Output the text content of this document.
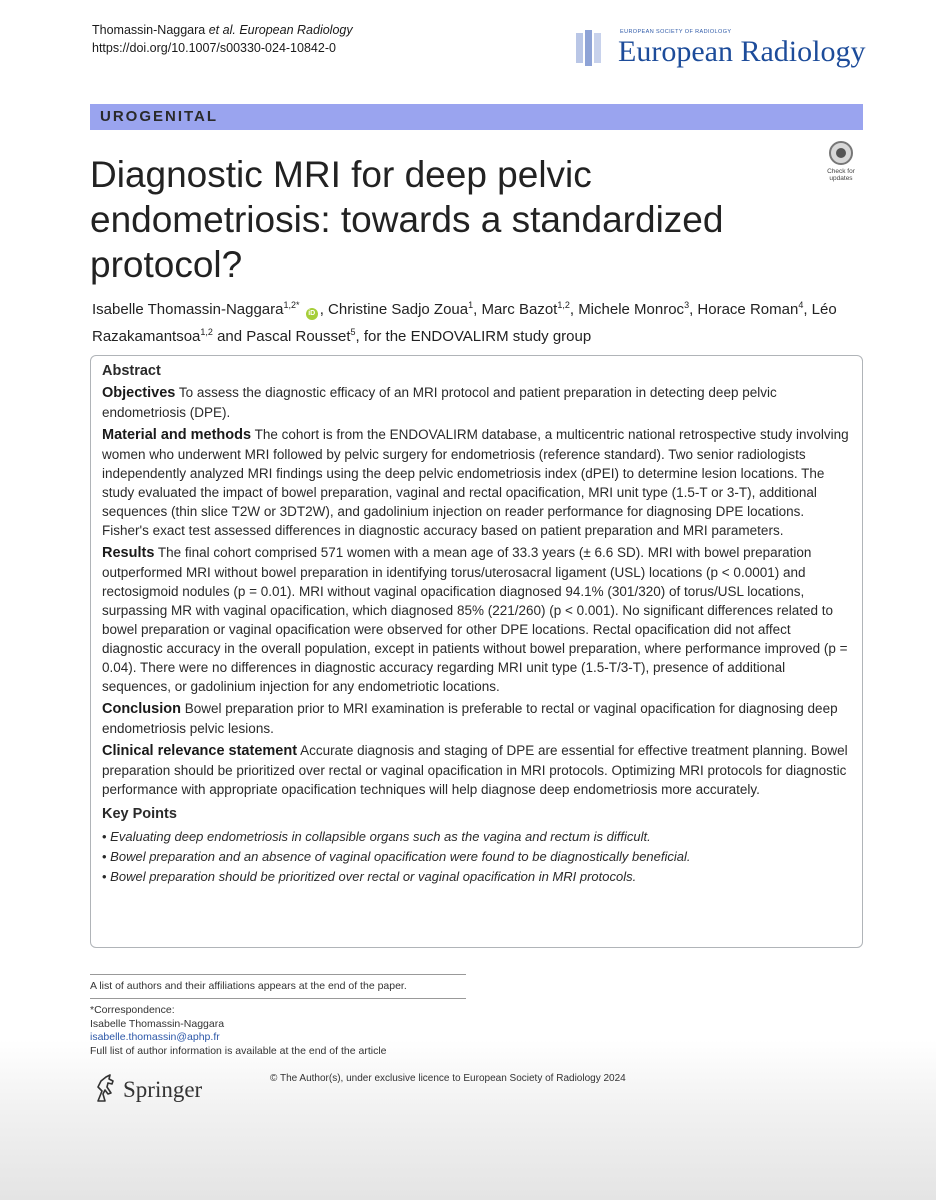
Thomassin-Naggara et al. European Radiology
https://doi.org/10.1007/s00330-024-10842-0
EUROPEAN SOCIETY OF RADIOLOGY
European Radiology
UROGENITAL
Diagnostic MRI for deep pelvic endometriosis: towards a standardized protocol?
Check for updates
Isabelle Thomassin-Naggara$^{1,2*}$ iD , Christine Sadjo Zoua$^1$, Marc Bazot$^{1,2}$, Michele Monroc$^3$, Horace Roman$^4$, Léo Razakamantsoa$^{1,2}$ and Pascal Rousset$^5$, for the ENDOVALIRM study group
Abstract

Objectives To assess the diagnostic efficacy of an MRI protocol and patient preparation in detecting deep pelvic endometriosis (DPE).

Material and methods The cohort is from the ENDOVALIRM database, a multicentric national retrospective study involving women who underwent MRI followed by pelvic surgery for endometriosis (reference standard). Two senior radiologists independently analyzed MRI findings using the deep pelvic endometriosis index (dPEI) to determine lesion locations. The study evaluated the impact of bowel preparation, vaginal and rectal opacification, MRI unit type (1.5-T or 3-T), additional sequences (thin slice T2W or 3DT2W), and gadolinium injection on reader performance for diagnosing DPE locations. Fisher's exact test assessed differences in diagnostic accuracy based on patient preparation and MRI parameters.

Results The final cohort comprised 571 women with a mean age of 33.3 years (± 6.6 SD). MRI with bowel preparation outperformed MRI without bowel preparation in identifying torus/uterosacral ligament (USL) locations (p < 0.0001) and rectosigmoid nodules (p = 0.01). MRI without vaginal opacification diagnosed 94.1% (301/320) of torus/USL locations, surpassing MR with vaginal opacification, which diagnosed 85% (221/260) (p < 0.001). No significant differences related to bowel preparation or vaginal opacification were observed for other DPE locations. Rectal opacification did not affect diagnostic accuracy in the overall population, except in patients without bowel preparation, where performance improved (p = 0.04). There were no differences in diagnostic accuracy regarding MRI unit type (1.5-T/3-T), presence of additional sequences, or gadolinium injection for any endometriotic locations.

Conclusion Bowel preparation prior to MRI examination is preferable to rectal or vaginal opacification for diagnosing deep endometriosis pelvic lesions.

Clinical relevance statement Accurate diagnosis and staging of DPE are essential for effective treatment planning. Bowel preparation should be prioritized over rectal or vaginal opacification in MRI protocols. Optimizing MRI protocols for diagnostic performance with appropriate opacification techniques will help diagnose deep endometriosis more accurately.

Key Points
• Evaluating deep endometriosis in collapsible organs such as the vagina and rectum is difficult.
• Bowel preparation and an absence of vaginal opacification were found to be diagnostically beneficial.
• Bowel preparation should be prioritized over rectal or vaginal opacification in MRI protocols.
A list of authors and their affiliations appears at the end of the paper.
*Correspondence:
Isabelle Thomassin-Naggara
isabelle.thomassin@aphp.fr
Full list of author information is available at the end of the article
Springer	© The Author(s), under exclusive licence to European Society of Radiology 2024
